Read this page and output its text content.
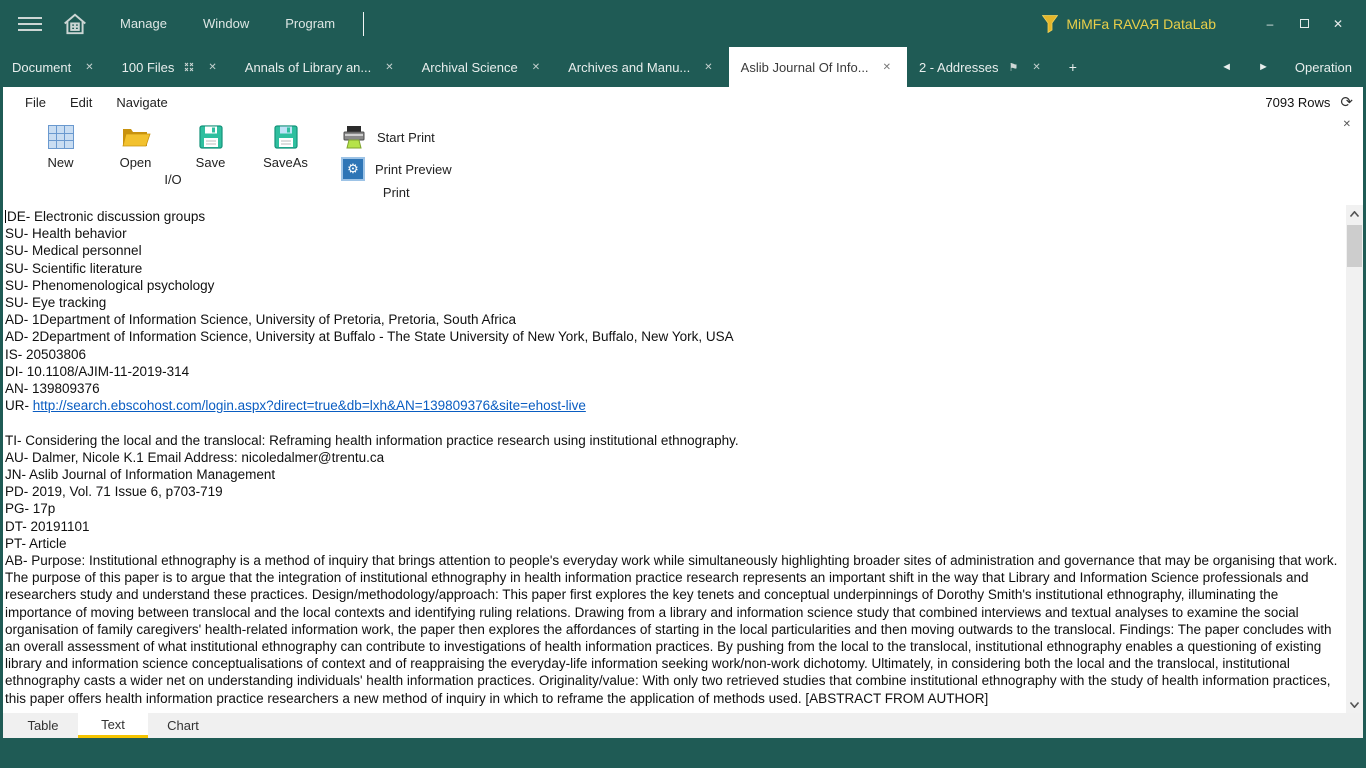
Manage	Window	Program	MiMFa RAVAЯ DataLab	–	✕
Document	✕	100 Files	✕	Annals of Library an...	✕	Archival Science	✕	Archives and Manu...	✕	Aslib Journal Of Info...	✕	2 - Addresses ⚑	✕	+	◄ ► Operation
File Edit Navigate	7093 Rows ⟳
✕
New	Open	Save	SaveAs
I/O
Start Print
⚙	Print Preview
Print
DE- Electronic discussion groups
SU- Health behavior
SU- Medical personnel
SU- Scientific literature
SU- Phenomenological psychology
SU- Eye tracking
AD- 1Department of Information Science, University of Pretoria, Pretoria, South Africa
AD- 2Department of Information Science, University at Buffalo - The State University of New York, Buffalo, New York, USA
IS- 20503806
DI- 10.1108/AJIM-11-2019-314
AN- 139809376
UR- http://search.ebscohost.com/login.aspx?direct=true&db=lxh&AN=139809376&site=ehost-live
TI- Considering the local and the translocal: Reframing health information practice research using institutional ethnography.
AU- Dalmer, Nicole K.1 Email Address: nicoledalmer@trentu.ca
JN- Aslib Journal of Information Management
PD- 2019, Vol. 71 Issue 6, p703-719
PG- 17p
DT- 20191101
PT- Article
AB- Purpose: Institutional ethnography is a method of inquiry that brings attention to people's everyday work while simultaneously highlighting broader sites of administration and governance that may be organising that work. The purpose of this paper is to argue that the integration of institutional ethnography in health information practice research represents an important shift in the way that Library and Information Science professionals and researchers study and understand these practices. Design/methodology/approach: This paper first explores the key tenets and conceptual underpinnings of Dorothy Smith's institutional ethnography, illuminating the importance of moving between translocal and the local contexts and identifying ruling relations. Drawing from a library and information science study that combined interviews and textual analyses to examine the social organisation of family caregivers' health-related information work, the paper then explores the affordances of starting in the local particularities and then moving outwards to the translocal. Findings: The paper concludes with an overall assessment of what institutional ethnography can contribute to investigations of health information practices. By pushing from the local to the translocal, institutional ethnography enables a questioning of existing library and information science conceptualisations of context and of reappraising the everyday-life information seeking work/non-work dichotomy. Ultimately, in considering both the local and the translocal, institutional ethnography casts a wider net on understanding individuals' health information practices. Originality/value: With only two retrieved studies that combine institutional ethnography with the study of health information practices, this paper offers health information practice researchers a new method of inquiry in which to reframe the application of methods used. [ABSTRACT FROM AUTHOR]
Table	Text	Chart
